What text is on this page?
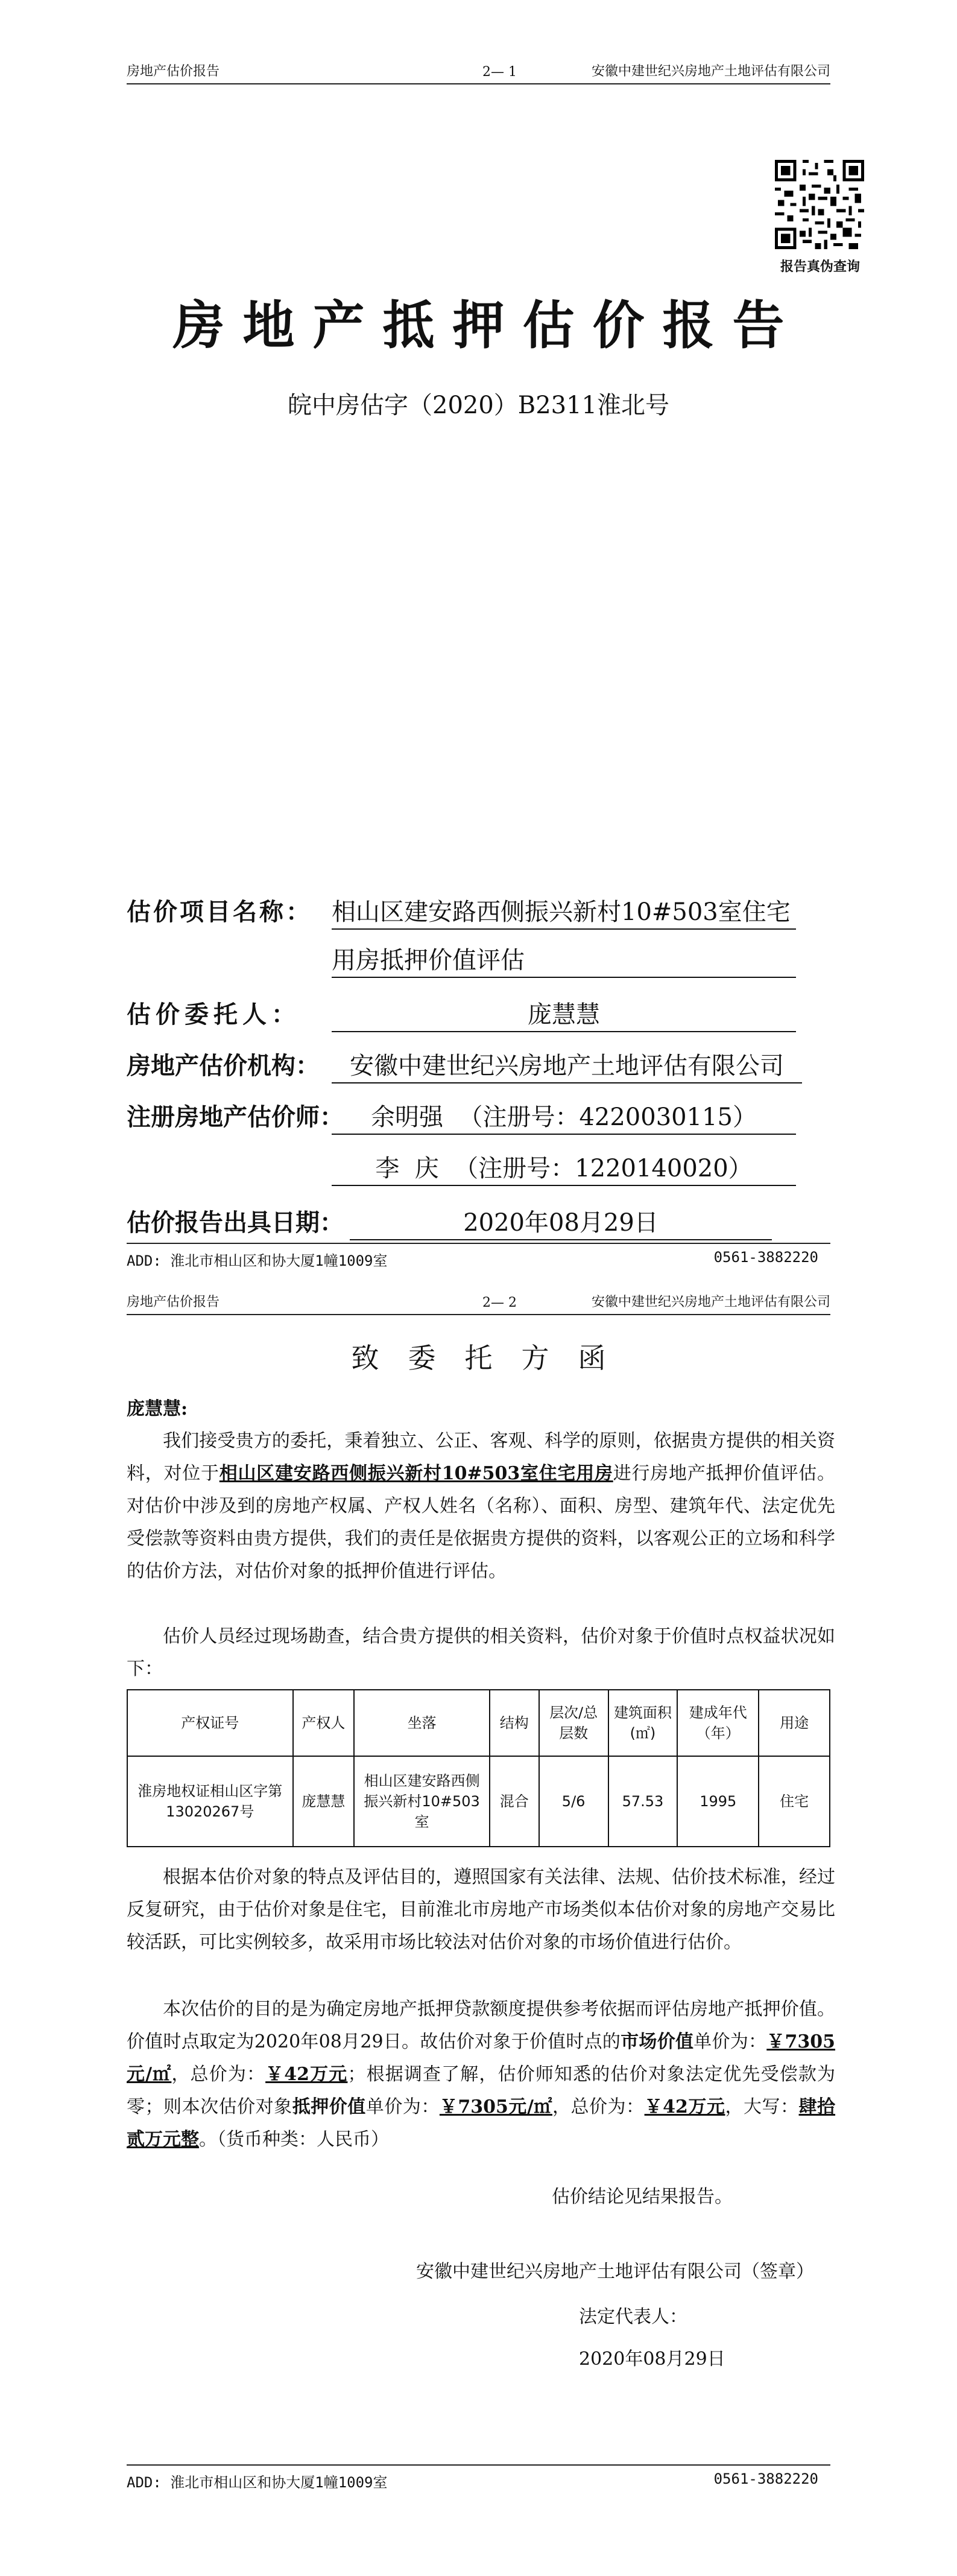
房地产估价报告	2— 1	安徽中建世纪兴房地产土地评估有限公司
报告真伪查询
房地产抵押估价报告
皖中房估字（2020）B2311淮北号
估价项目名称： 相山区建安路西侧振兴新村10#503室住宅
用房抵押价值评估
估价委托人：	庞慧慧
房地产估价机构： 安徽中建世纪兴房地产土地评估有限公司
注册房地产估价师： 余明强  （注册号：4220030115）
李  庆  （注册号：1220140020）
估价报告出具日期：	2020年08月29日
ADD: 淮北市相山区和协大厦1幢1009室	0561-3882220
房地产估价报告	2— 2	安徽中建世纪兴房地产土地评估有限公司
致委托方函
庞慧慧:
我们接受贵方的委托，秉着独立、公正、客观、科学的原则，依据贵方提供的相关资料，对位于相山区建安路西侧振兴新村10#503室住宅用房进行房地产抵押价值评估。对估价中涉及到的房地产权属、产权人姓名（名称）、面积、房型、建筑年代、法定优先受偿款等资料由贵方提供，我们的责任是依据贵方提供的资料，以客观公正的立场和科学的估价方法，对估价对象的抵押价值进行评估。
估价人员经过现场勘查，结合贵方提供的相关资料，估价对象于价值时点权益状况如下：
产权证号	产权人	坐落	结构	层次/总层数	建筑面积(㎡)	建成年代（年）	用途
淮房地权证相山区字第13020267号	庞慧慧	相山区建安路西侧振兴新村10#503室	混合	5/6	57.53	1995	住宅
根据本估价对象的特点及评估目的，遵照国家有关法律、法规、估价技术标准，经过反复研究，由于估价对象是住宅，目前淮北市房地产市场类似本估价对象的房地产交易比较活跃，可比实例较多，故采用市场比较法对估价对象的市场价值进行估价。
本次估价的目的是为确定房地产抵押贷款额度提供参考依据而评估房地产抵押价值。价值时点取定为2020年08月29日。故估价对象于价值时点的市场价值单价为：￥7305元/㎡，总价为：￥42万元；根据调查了解，估价师知悉的估价对象法定优先受偿款为零；则本次估价对象抵押价值单价为：￥7305元/㎡，总价为：￥42万元，大写：肆拾贰万元整。（货币种类：人民币）
估价结论见结果报告。
安徽中建世纪兴房地产土地评估有限公司（签章）
法定代表人：
2020年08月29日
ADD: 淮北市相山区和协大厦1幢1009室	0561-3882220
